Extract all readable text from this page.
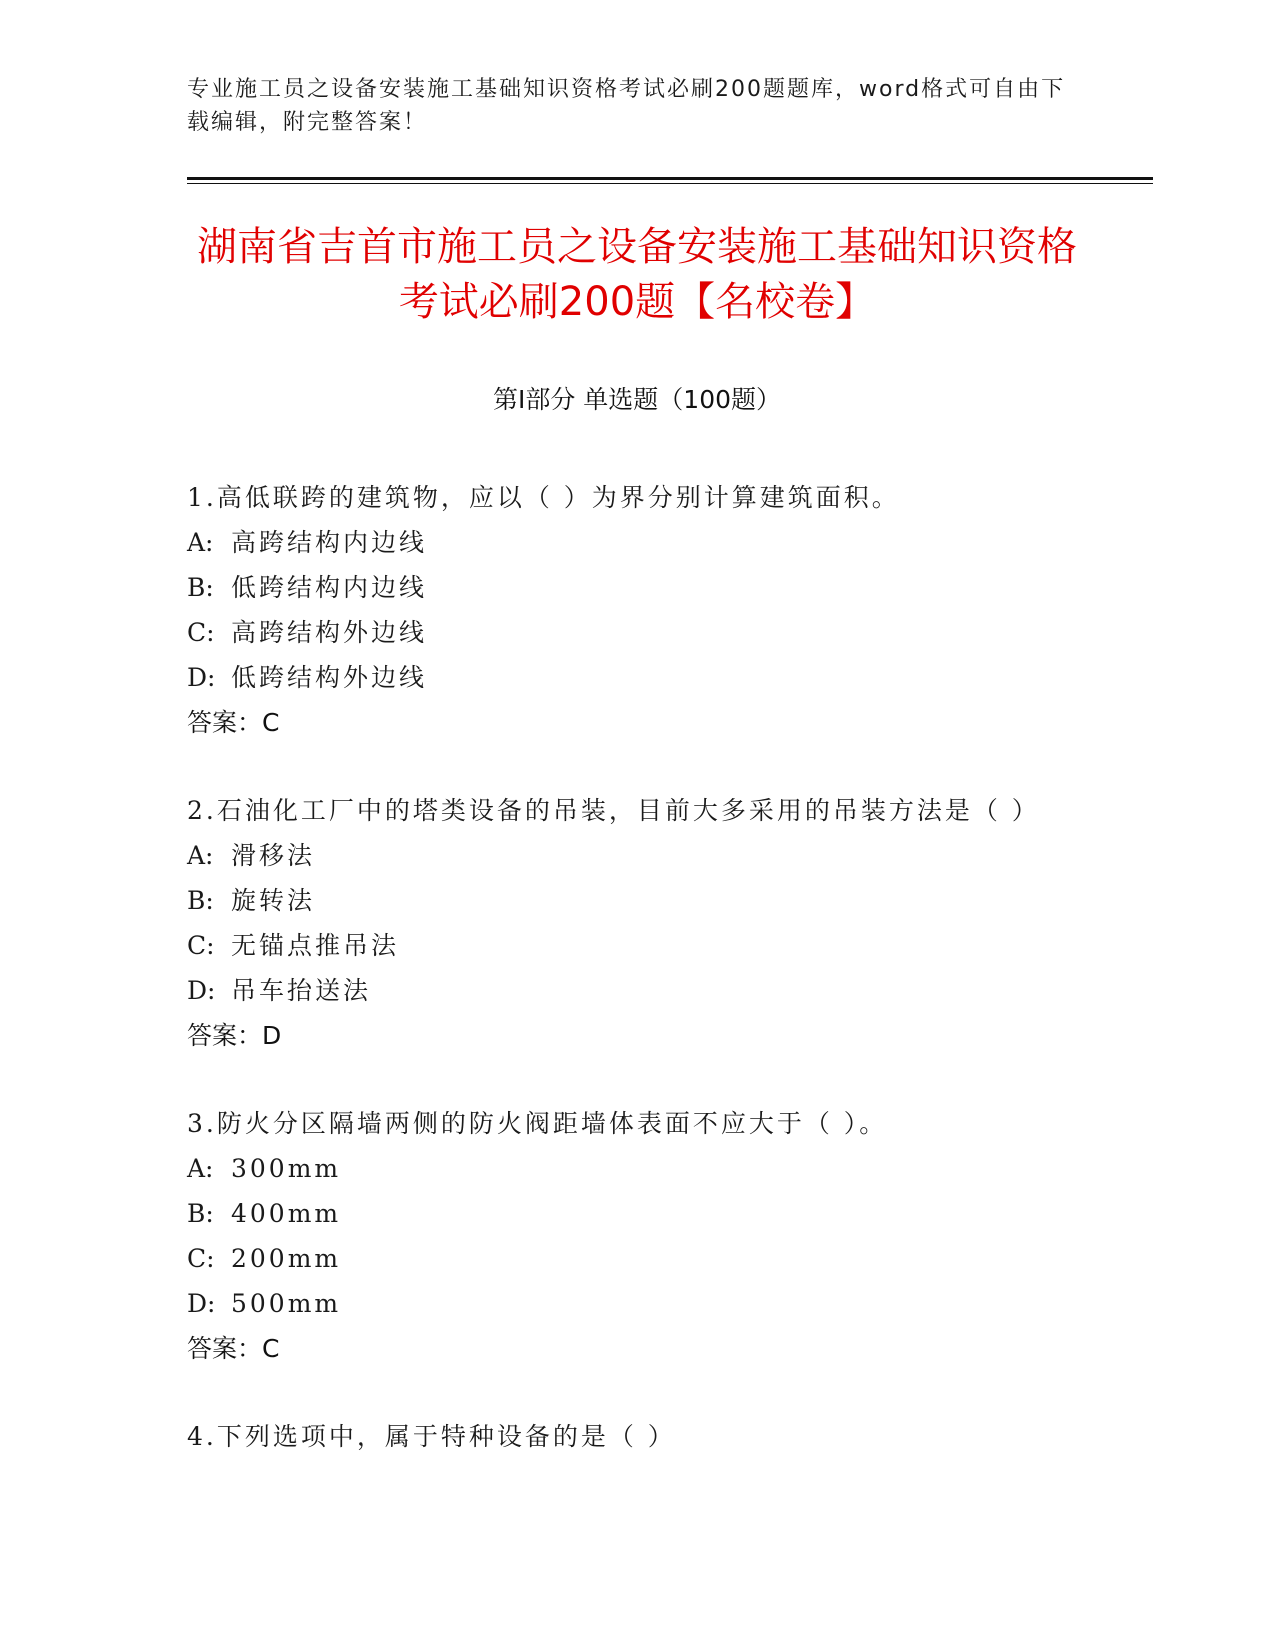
专业施工员之设备安装施工基础知识资格考试必刷200题题库，word格式可自由下载编辑，附完整答案！
湖南省吉首市施工员之设备安装施工基础知识资格考试必刷200题【名校卷】
第I部分 单选题（100题）
1.高低联跨的建筑物，应以（ ）为界分别计算建筑面积。
A: 高跨结构内边线
B: 低跨结构内边线
C: 高跨结构外边线
D: 低跨结构外边线
答案：C
2.石油化工厂中的塔类设备的吊装，目前大多采用的吊装方法是（ ）
A: 滑移法
B: 旋转法
C: 无锚点推吊法
D: 吊车抬送法
答案：D
3.防火分区隔墙两侧的防火阀距墙体表面不应大于（ ）。
A: 300mm
B: 400mm
C: 200mm
D: 500mm
答案：C
4.下列选项中，属于特种设备的是（ ）
